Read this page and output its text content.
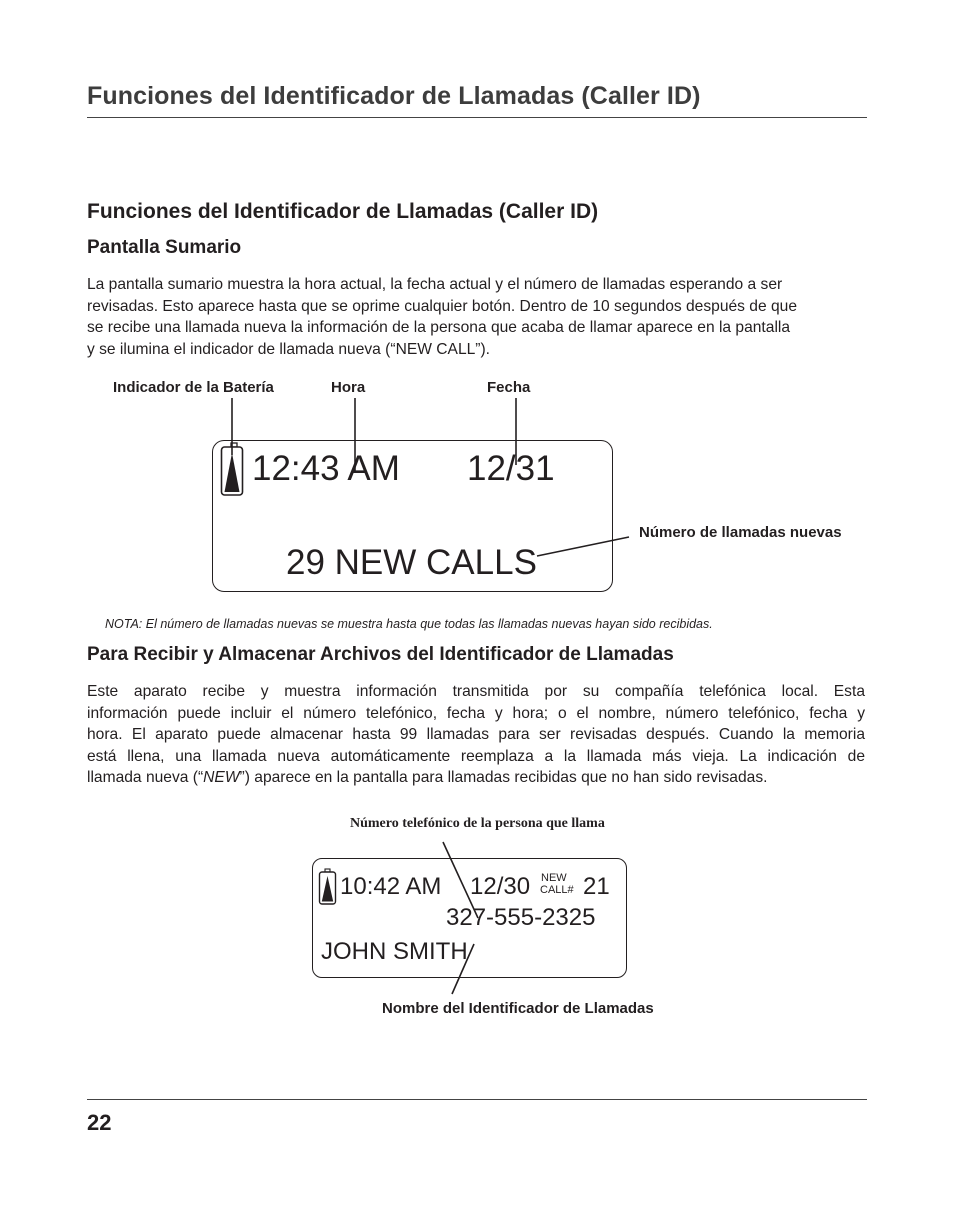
Funciones del Identificador de Llamadas (Caller ID)
Funciones del Identificador de Llamadas (Caller ID)
Pantalla Sumario
La pantalla sumario muestra la hora actual, la fecha actual y el número de llamadas esperando a ser
revisadas. Esto aparece hasta que se oprime cualquier botón. Dentro de 10 segundos después de que
se recibe una llamada nueva la información de la persona que acaba de llamar aparece en la pantalla
y se ilumina el indicador de llamada nueva (“NEW CALL”).
Indicador de la Batería	Hora	Fecha
Número de llamadas nuevas
12:43 AM 12/31
29 NEW CALLS
NOTA: El número de llamadas nuevas se muestra hasta que todas las llamadas nuevas hayan sido recibidas.
Para Recibir y Almacenar Archivos del Identificador de Llamadas
Este aparato recibe y muestra información transmitida por su compañía telefónica local. Esta
información puede incluir el número telefónico, fecha y hora; o el nombre, número telefónico, fecha y
hora. El aparato puede almacenar hasta 99 llamadas para ser revisadas después. Cuando la memoria
está llena, una llamada nueva automáticamente reemplaza a la llamada más vieja. La indicación de
llamada nueva (“NEW”) aparece en la pantalla para llamadas recibidas que no han sido revisadas.
Número telefónico de la persona que llama
Nombre del Identificador de Llamadas
10:42 AM 12/30 NEW
CALL# 21
327-555-2325
JOHN SMITH
22
